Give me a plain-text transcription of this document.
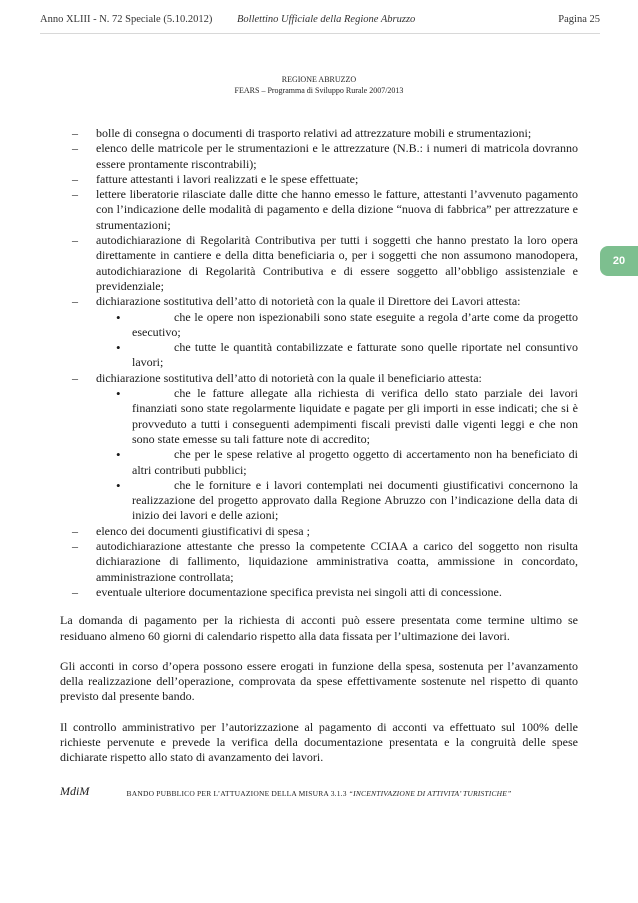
Anno XLIII - N. 72 Speciale (5.10.2012) Bollettino Ufficiale della Regione Abruzzo	Pagina 25
REGIONE ABRUZZO
FEARS – Programma di Sviluppo Rurale 2007/2013
20
– bolle di consegna o documenti di trasporto relativi ad attrezzature mobili e strumentazioni;
– elenco delle matricole per le strumentazioni e le attrezzature (N.B.: i numeri di matricola dovranno essere prontamente riscontrabili);
– fatture attestanti i lavori realizzati e le spese effettuate;
– lettere liberatorie rilasciate dalle ditte che hanno emesso le fatture, attestanti l’avvenuto pagamento con l’indicazione delle modalità di pagamento e della dizione “nuova di fabbrica” per attrezzature e strumentazioni;
– autodichiarazione di Regolarità Contributiva per tutti i soggetti che hanno prestato la loro opera direttamente in cantiere e della ditta beneficiaria o, per i soggetti che non assumono manodopera, autodichiarazione di Regolarità Contributiva e di essere soggetto all’obbligo assistenziale e previdenziale;
– dichiarazione sostitutiva dell’atto di notorietà con la quale il Direttore dei Lavori attesta:
• che le opere non ispezionabili sono state eseguite a regola d’arte come da progetto esecutivo;
• che tutte le quantità contabilizzate e fatturate sono quelle riportate nel consuntivo lavori;
– dichiarazione sostitutiva dell’atto di notorietà con la quale il beneficiario attesta:
• che le fatture allegate alla richiesta di verifica dello stato parziale dei lavori finanziati sono state regolarmente liquidate e pagate per gli importi in esse indicati; che si è provveduto a tutti i conseguenti adempimenti fiscali previsti dalle vigenti leggi e che non sono state emesse su tali fatture note di accredito;
• che per le spese relative al progetto oggetto di accertamento non ha beneficiato di altri contributi pubblici;
• che le forniture e i lavori contemplati nei documenti giustificativi concernono la realizzazione del progetto approvato dalla Regione Abruzzo con l’indicazione della data di inizio dei lavori e delle azioni;
– elenco dei documenti giustificativi di spesa ;
– autodichiarazione attestante che presso la competente CCIAA a carico del soggetto non risulta dichiarazione di fallimento, liquidazione amministrativa coatta, ammissione in concordato, amministrazione controllata;
– eventuale ulteriore documentazione specifica prevista nei singoli atti di concessione.

La domanda di pagamento per la richiesta di acconti può essere presentata come termine ultimo se residuano almeno 60 giorni di calendario rispetto alla data fissata per l’ultimazione dei lavori.

Gli acconti in corso d’opera possono essere erogati in funzione della spesa, sostenuta per l’avanzamento della realizzazione dell’operazione, comprovata da spese effettivamente sostenute nel rispetto di quanto previsto dal presente bando.

Il controllo amministrativo per l’autorizzazione al pagamento di acconti va effettuato sul 100% delle richieste pervenute e prevede la verifica della documentazione presentata e la congruità delle spese dichiarate rispetto allo stato di avanzamento dei lavori.

MdiM	BANDO PUBBLICO PER L’ATTUAZIONE DELLA MISURA 3.1.3 “INCENTIVAZIONE DI ATTIVITA’ TURISTICHE”
